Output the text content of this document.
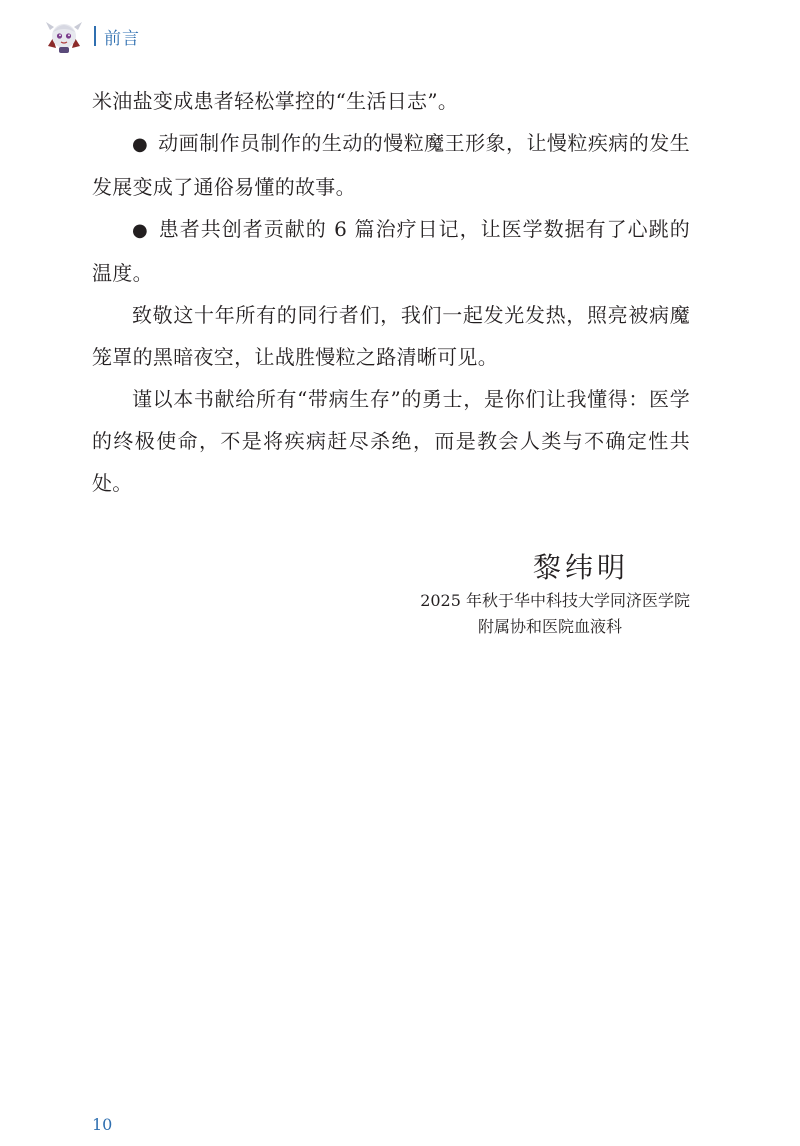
前言

米油盐变成患者轻松掌控的“生活日志”。

● 动画制作员制作的生动的慢粒魔王形象，让慢粒疾病的发生发展变成了通俗易懂的故事。

● 患者共创者贡献的 6 篇治疗日记，让医学数据有了心跳的温度。

致敬这十年所有的同行者们，我们一起发光发热，照亮被病魔笼罩的黑暗夜空，让战胜慢粒之路清晰可见。

谨以本书献给所有“带病生存”的勇士，是你们让我懂得：医学的终极使命，不是将疾病赶尽杀绝，而是教会人类与不确定性共处。

黎纬明
2025 年秋于华中科技大学同济医学院
附属协和医院血液科
10
